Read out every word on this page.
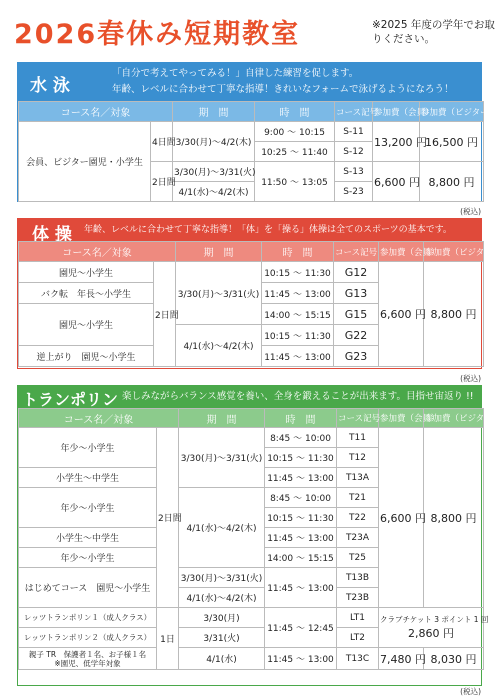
2026春休み短期教室	※2025 年度の学年でお取りください。
水 泳
「自分で考えてやってみる！」自律した練習を促します。
年齢、レベルに合わせて丁寧な指導！きれいなフォームで泳げるようになろう！
コース名／対象		期　間	時　間	コース記号	参加費（会員）	参加費（ビジター）
会員、ビジター園児・小学生	4日間	3/30(月)～4/2(木)	9:00 ～ 10:15	S-11	13,200 円	16,500 円
			10:25 ～ 11:40	S-12		
	2日間	3/30(月)～3/31(火)	11:50 ～ 13:05	S-13	6,600 円	8,800 円
		4/1(水)～4/2(木)		S-23		
(税込)
体 操 年齢、レベルに合わせて丁寧な指導！「体」を「操る」体操は全てのスポーツの基本です。
コース名／対象		期　間	時　間	コース記号	参加費（会員）	参加費（ビジター）
園児～小学生	2日間	3/30(月)～3/31(火)	10:15 ～ 11:30	G12	6,600 円	8,800 円
バク転　年長～小学生			11:45 ～ 13:00	G13		
園児～小学生			14:00 ～ 15:15	G15		
		4/1(水)～4/2(木)	10:15 ～ 11:30	G22		
逆上がり　園児～小学生			11:45 ～ 13:00	G23		
(税込)
トランポリン 楽しみながらバランス感覚を養い、全身を鍛えることが出来ます。目指せ宙返り !!
コース名／対象		期　間	時　間	コース記号	参加費（会員）	参加費（ビジター）
年少～小学生	2日間	3/30(月)～3/31(火)	8:45 ～ 10:00	T11	6,600 円	8,800 円
			10:15 ～ 11:30	T12		
小学生～中学生			11:45 ～ 13:00	T13A		
年少～小学生		4/1(水)～4/2(木)	8:45 ～ 10:00	T21		
			10:15 ～ 11:30	T22		
小学生～中学生			11:45 ～ 13:00	T23A		
年少～小学生			14:00 ～ 15:15	T25		
はじめてコース　園児～小学生		3/30(月)～3/31(火)	11:45 ～ 13:00	T13B		
		4/1(水)～4/2(木)		T23B		
レッツトランポリン１（成人クラス）	1日	3/30(月)	11:45 ～ 12:45	LT1	クラブチケット 3 ポイント 1 回
2,860 円	

レッツトランポリン２（成人クラス）		3/31(火)		LT2		

親子 TR　保護者１名、お子様１名
※園児、低学年対象		4/1(水)	11:45 ～ 13:00	T13C	7,480 円	8,030 円
(税込)
